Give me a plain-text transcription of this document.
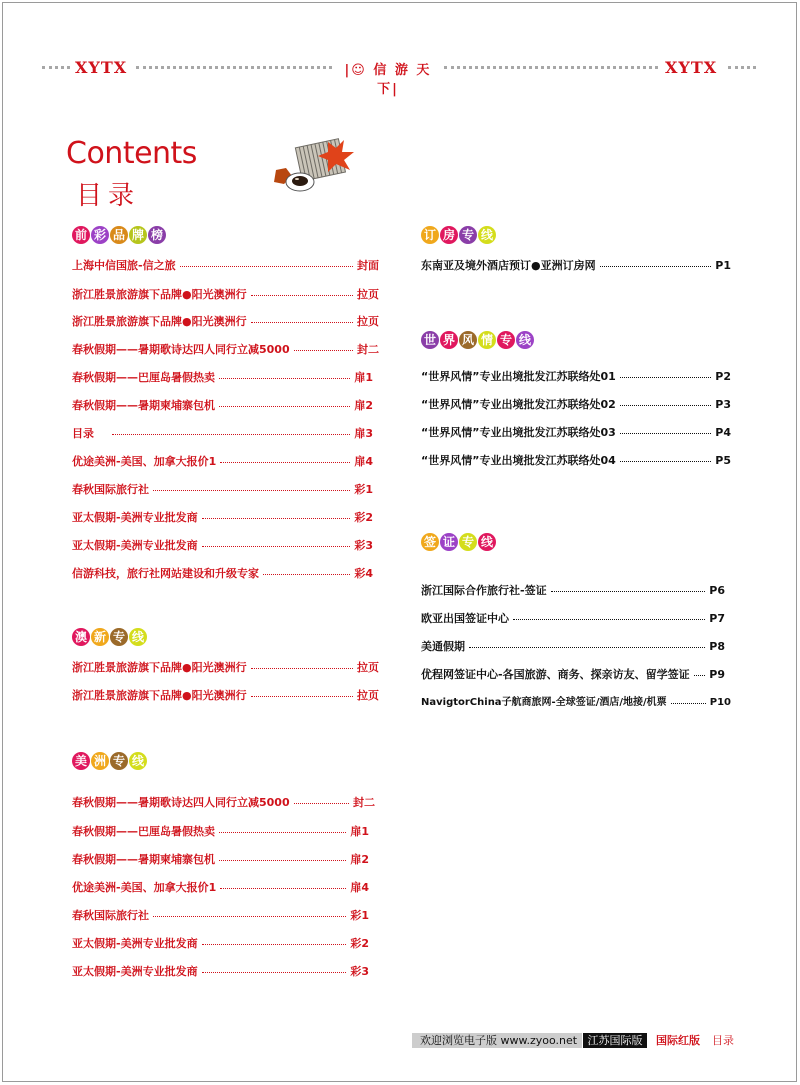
XYTX	|☺ 信 游 天 下|
XYTX
Contents
目录
前 彩 品 牌 榜
上海中信国旅-信之旅	封面
浙江胜景旅游旗下品牌●阳光澳洲行	拉页
浙江胜景旅游旗下品牌●阳光澳洲行	拉页
春秋假期——暑期歌诗达四人同行立减5000	封二
春秋假期——巴厘岛暑假热卖	扉1
春秋假期——暑期柬埔寨包机	扉2
目录	扉3
优途美洲-美国、加拿大报价1	扉4
春秋国际旅行社	彩1
亚太假期-美洲专业批发商	彩2
亚太假期-美洲专业批发商	彩3
信游科技，旅行社网站建设和升级专家	彩4
澳 新 专 线
浙江胜景旅游旗下品牌●阳光澳洲行	拉页
浙江胜景旅游旗下品牌●阳光澳洲行	拉页
美 洲 专 线
春秋假期——暑期歌诗达四人同行立减5000	封二
春秋假期——巴厘岛暑假热卖	扉1
春秋假期——暑期柬埔寨包机	扉2
优途美洲-美国、加拿大报价1	扉4
春秋国际旅行社	彩1
亚太假期-美洲专业批发商	彩2
亚太假期-美洲专业批发商	彩3
订 房 专 线
东南亚及境外酒店预订●亚洲订房网	P1
世 界 风 情 专 线
“世界风情”专业出境批发江苏联络处01	P2
“世界风情”专业出境批发江苏联络处02	P3
“世界风情”专业出境批发江苏联络处03	P4
“世界风情”专业出境批发江苏联络处04	P5
签 证 专 线
浙江国际合作旅行社-签证	P6
欧亚出国签证中心	P7
美通假期	P8
优程网签证中心-各国旅游、商务、探亲访友、留学签证 P9
NavigtorChina子航商旅网-全球签证/酒店/地接/机票	P10
欢迎浏览电子版 www.zyoo.net 江苏国际版	国际红版 目录
